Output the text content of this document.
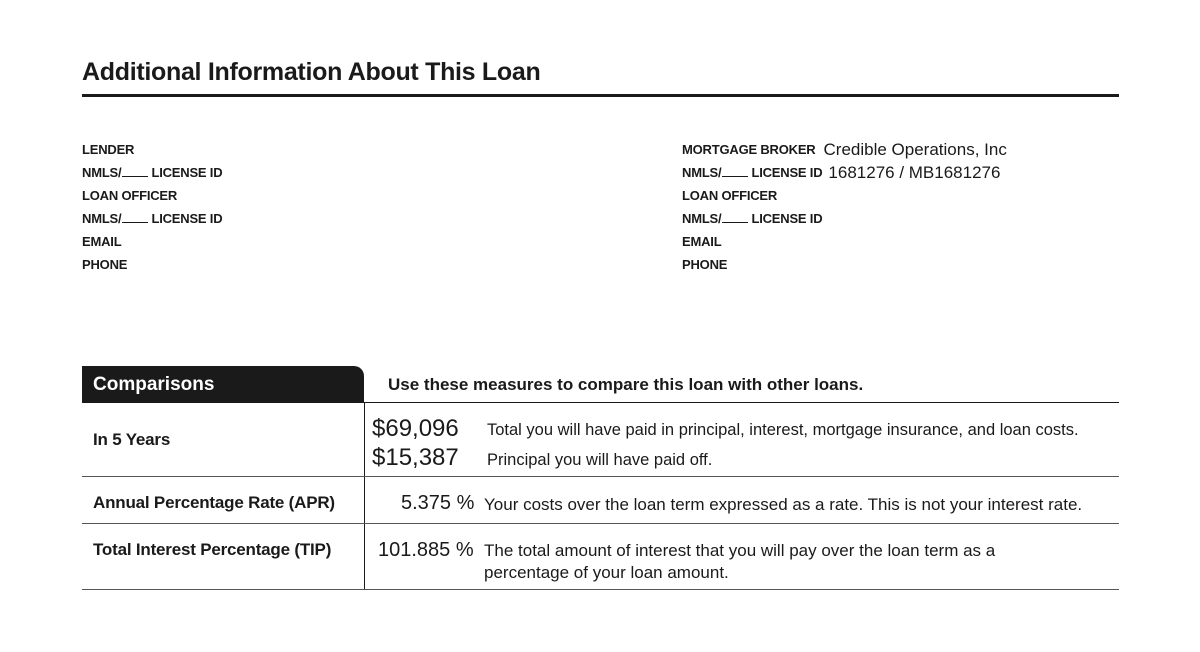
Additional Information About This Loan
LENDER
NMLS/ LICENSE ID
LOAN OFFICER
NMLS/ LICENSE ID
EMAIL
PHONE
MORTGAGE BROKER Credible Operations, Inc
NMLS/ LICENSE ID 1681276 / MB1681276
LOAN OFFICER
NMLS/ LICENSE ID
EMAIL
PHONE
Comparisons	Use these measures to compare this loan with other loans.
In 5 Years	$69,096 Total you will have paid in principal, interest, mortgage insurance, and loan costs.
$15,387 Principal you will have paid off.
Annual Percentage Rate (APR)	5.375 % Your costs over the loan term expressed as a rate. This is not your interest rate.
Total Interest Percentage (TIP) 101.885 % The total amount of interest that you will pay over the loan term as a
percentage of your loan amount.
